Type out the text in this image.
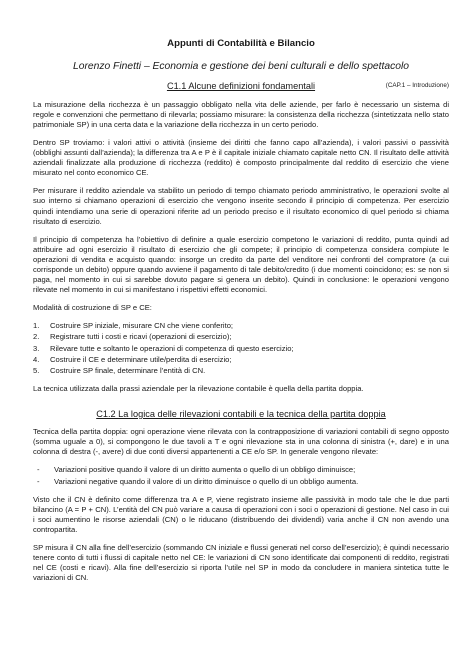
Appunti di Contabilità e Bilancio
Lorenzo Finetti – Economia e gestione dei beni culturali e dello spettacolo
C1.1 Alcune definizioni fondamentali	(CAP.1 – Introduzione)

La misurazione della ricchezza è un passaggio obbligato nella vita delle aziende, per farlo è necessario un sistema di regole e convenzioni che permettano di rilevarla; possiamo misurare: la consistenza della ricchezza (sintetizzata nello stato patrimoniale SP) in una certa data e la variazione della ricchezza in un certo periodo.

Dentro SP troviamo: i valori attivi o attività (insieme dei diritti che fanno capo all’azienda), i valori passivi o passività (obblighi assunti dall’azienda); la differenza tra A e P è il capitale iniziale chiamato capitale netto CN. Il risultato delle attività aziendali finalizzate alla produzione di ricchezza (reddito) è composto principalmente dal reddito di esercizio che viene misurato nel conto economico CE.

Per misurare il reddito aziendale va stabilito un periodo di tempo chiamato periodo amministrativo, le operazioni svolte al suo interno si chiamano operazioni di esercizio che vengono inserite secondo il principio di competenza. Per esercizio quindi intendiamo una serie di operazioni riferite ad un periodo preciso e il risultato economico di quel periodo si chiama risultato di esercizio.

Il principio di competenza ha l’obiettivo di definire a quale esercizio competono le variazioni di reddito, punta quindi ad attribuire ad ogni esercizio il risultato di esercizio che gli compete; il principio di competenza considera compiute le operazioni di vendita e acquisto quando: insorge un credito da parte del venditore nei confronti del compratore (a cui corrisponde un debito) oppure quando avviene il pagamento di tale debito/credito (i due momenti coincidono; es: se non si paga, nel momento in cui si sarebbe dovuto pagare si genera un debito). Quindi in conclusione: le operazioni vengono rilevate nel momento in cui si manifestano i rispettivi effetti economici.

Modalità di costruzione di SP e CE:

1.	Costruire SP iniziale, misurare CN che viene conferito;
2.	Registrare tutti i costi e ricavi (operazioni di esercizio);
3.	Rilevare tutte e soltanto le operazioni di competenza di questo esercizio;
4.	Costruire il CE e determinare utile/perdita di esercizio;
5.	Costruire SP finale, determinare l’entità di CN.

La tecnica utilizzata dalla prassi aziendale per la rilevazione contabile è quella della partita doppia.

C1.2 La logica delle rilevazioni contabili e la tecnica della partita doppia

Tecnica della partita doppia: ogni operazione viene rilevata con la contrapposizione di variazioni contabili di segno opposto (somma uguale a 0), si compongono le due tavoli a T e ogni rilevazione sta in una colonna di sinistra (+, dare) e in una colonna di destra (-, avere) di due conti diversi appartenenti a CE e/o SP. In generale vengono rilevate:

-	Variazioni positive quando il valore di un diritto aumenta o quello di un obbligo diminuisce;
-	Variazioni negative quando il valore di un diritto diminuisce o quello di un obbligo aumenta.

Visto che il CN è definito come differenza tra A e P, viene registrato insieme alle passività in modo tale che le due parti bilancino (A = P + CN). L’entità del CN può variare a causa di operazioni con i soci o operazioni di gestione. Nel caso in cui i soci aumentino le risorse aziendali (CN) o le riducano (distribuendo dei dividendi) varia anche il CN non avendo una contropartita.

SP misura il CN alla fine dell’esercizio (sommando CN iniziale e flussi generati nel corso dell’esercizio); è quindi necessario tenere conto di tutti i flussi di capitale netto nel CE: le variazioni di CN sono identificate dai componenti di reddito, registrati nel CE (costi e ricavi). Alla fine dell’esercizio si riporta l’utile nel SP in modo da concludere in maniera sintetica tutte le variazioni di CN.
